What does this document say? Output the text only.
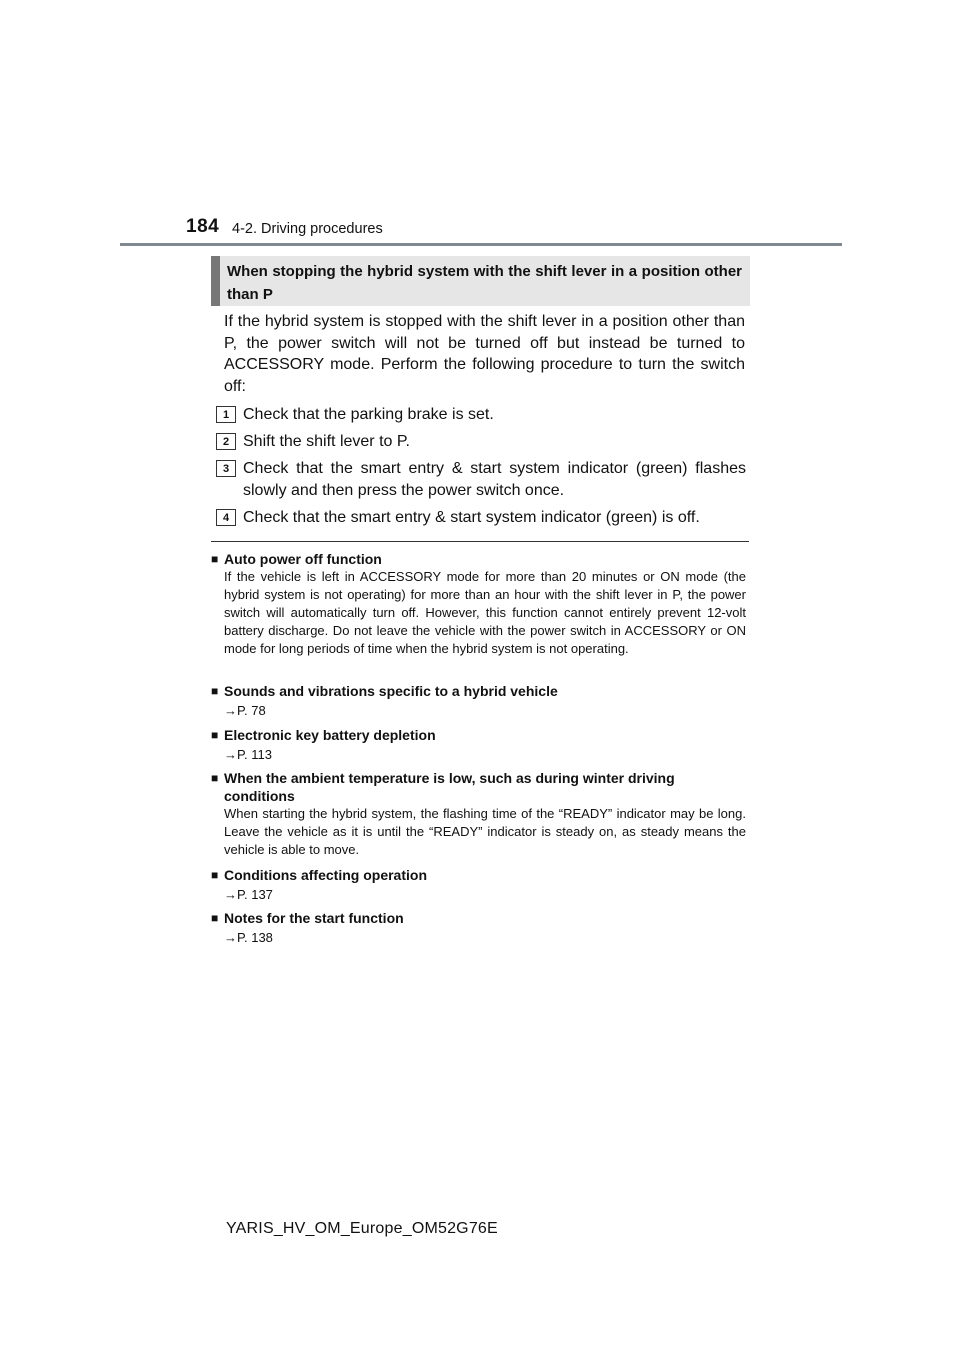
184 4-2. Driving procedures
When stopping the hybrid system with the shift lever in a position other than P

If the hybrid system is stopped with the shift lever in a position other than P, the power switch will not be turned off but instead be turned to ACCESSORY mode. Perform the following procedure to turn the switch off:

1 Check that the parking brake is set.
2 Shift the shift lever to P.
3 Check that the smart entry & start system indicator (green) flashes slowly and then press the power switch once.
4 Check that the smart entry & start system indicator (green) is off.
■ Auto power off function
If the vehicle is left in ACCESSORY mode for more than 20 minutes or ON mode (the hybrid system is not operating) for more than an hour with the shift lever in P, the power switch will automatically turn off. However, this function cannot entirely prevent 12-volt battery discharge. Do not leave the vehicle with the power switch in ACCESSORY or ON mode for long periods of time when the hybrid system is not operating.
■ Sounds and vibrations specific to a hybrid vehicle
→P. 78
■ Electronic key battery depletion
→P. 113
■ When the ambient temperature is low, such as during winter driving conditions
When starting the hybrid system, the flashing time of the “READY” indicator may be long. Leave the vehicle as it is until the “READY” indicator is steady on, as steady means the vehicle is able to move.
■ Conditions affecting operation
→P. 137
■ Notes for the start function
→P. 138
YARIS_HV_OM_Europe_OM52G76E
